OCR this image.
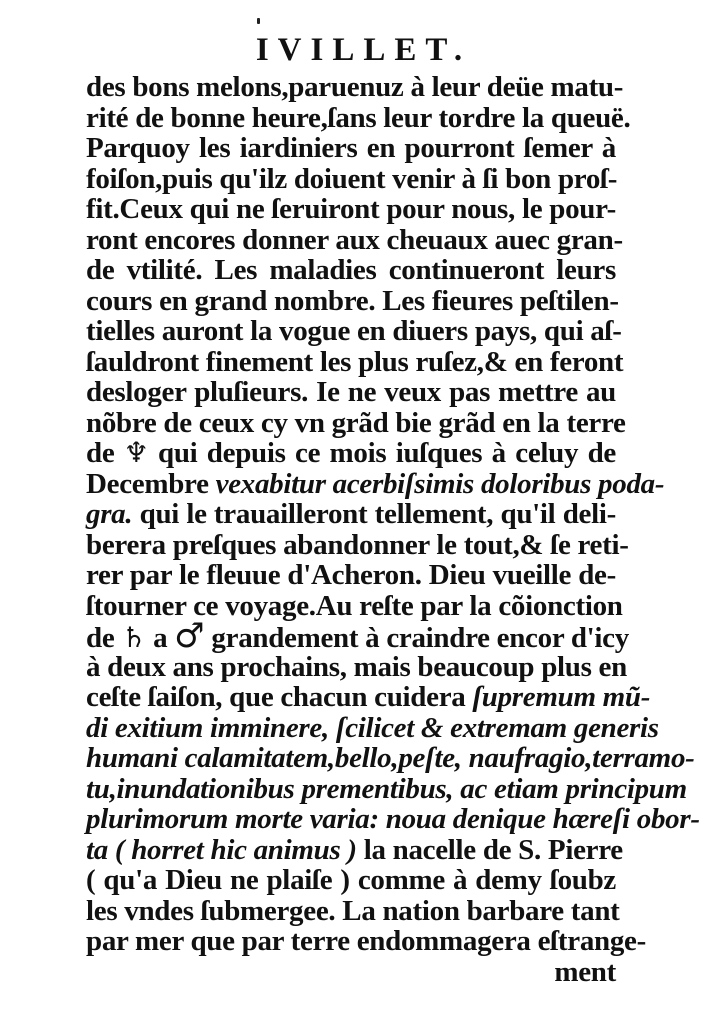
IVILLET.
des bons melons,paruenuz à leur deüe matu-
rité de bonne heure,ſans leur tordre la queuë.
Parquoy les iardiniers en pourront ſemer à
foiſon,puis qu'ilz doiuent venir à ſi bon proſ-
fit.Ceux qui ne ſeruiront pour nous, le pour-
ront encores donner aux cheuaux auec gran-
de vtilité. Les maladies continueront leurs
cours en grand nombre. Les fieures peſtilen-
tielles auront la vogue en diuers pays, qui aſ-
ſauldront finement les plus ruſez,& en feront
desloger pluſieurs. Ie ne veux pas mettre au
nõbre de ceux cy vn grãd bie grãd en la terre
de ♆ qui depuis ce mois iuſques à celuy de
Decembre vexabitur acerbiſsimis doloribus poda-
gra. qui le trauailleront tellement, qu'il deli-
berera preſques abandonner le tout,& ſe reti-
rer par le fleuue d'Acheron. Dieu vueille de-
ſtourner ce voyage.Au reſte par la cõionction
de ♄ a ♂ grandement à craindre encor d'icy
à deux ans prochains, mais beaucoup plus en
ceſte ſaiſon, que chacun cuidera ſupremum mũ-
di exitium imminere, ſcilicet & extremam generis
humani calamitatem,bello,peſte, naufragio,terramo-
tu,inundationibus prementibus, ac etiam principum
plurimorum morte varia: noua denique hæreſi obor-
ta ( horret hic animus ) la nacelle de S. Pierre
( qu'a Dieu ne plaiſe ) comme à demy ſoubz
les vndes ſubmergee. La nation barbare tant
par mer que par terre endommagera eſtrange-
ment
